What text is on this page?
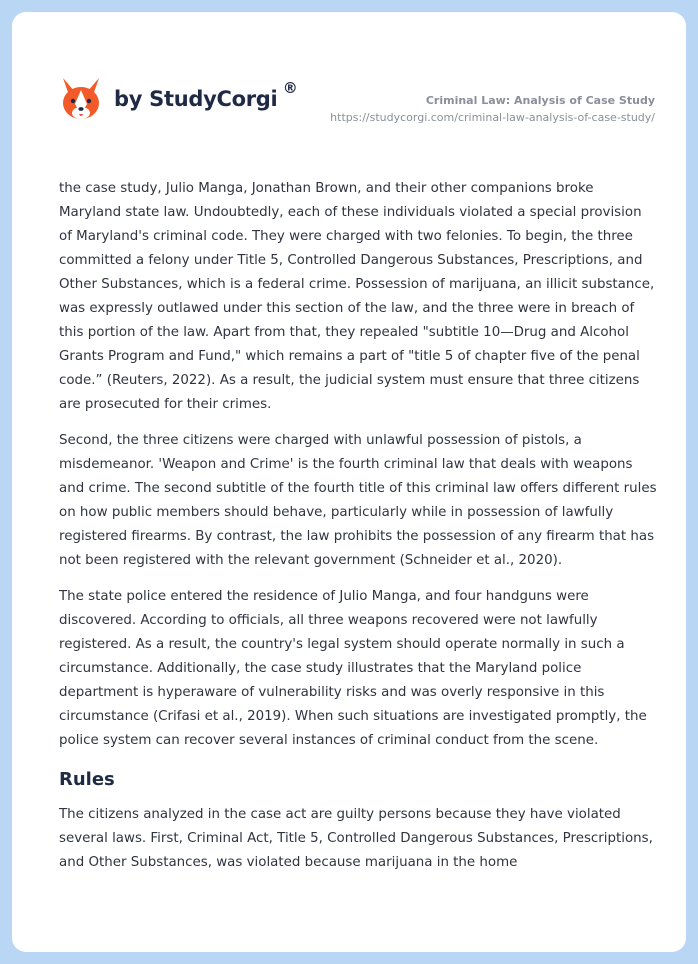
by StudyCorgi ®
Criminal Law: Analysis of Case Study
https://studycorgi.com/criminal-law-analysis-of-case-study/

the case study, Julio Manga, Jonathan Brown, and their other companions broke Maryland state law. Undoubtedly, each of these individuals violated a special provision of Maryland's criminal code. They were charged with two felonies. To begin, the three committed a felony under Title 5, Controlled Dangerous Substances, Prescriptions, and Other Substances, which is a federal crime. Possession of marijuana, an illicit substance, was expressly outlawed under this section of the law, and the three were in breach of this portion of the law. Apart from that, they repealed "subtitle 10—Drug and Alcohol Grants Program and Fund," which remains a part of "title 5 of chapter five of the penal code.” (Reuters, 2022). As a result, the judicial system must ensure that three citizens are prosecuted for their crimes.

Second, the three citizens were charged with unlawful possession of pistols, a misdemeanor. 'Weapon and Crime' is the fourth criminal law that deals with weapons and crime. The second subtitle of the fourth title of this criminal law offers different rules on how public members should behave, particularly while in possession of lawfully registered firearms. By contrast, the law prohibits the possession of any firearm that has not been registered with the relevant government (Schneider et al., 2020).

The state police entered the residence of Julio Manga, and four handguns were discovered. According to officials, all three weapons recovered were not lawfully registered. As a result, the country's legal system should operate normally in such a circumstance. Additionally, the case study illustrates that the Maryland police department is hyperaware of vulnerability risks and was overly responsive in this circumstance (Crifasi et al., 2019). When such situations are investigated promptly, the police system can recover several instances of criminal conduct from the scene.

Rules

The citizens analyzed in the case act are guilty persons because they have violated several laws. First, Criminal Act, Title 5, Controlled Dangerous Substances, Prescriptions, and Other Substances, was violated because marijuana in the home
